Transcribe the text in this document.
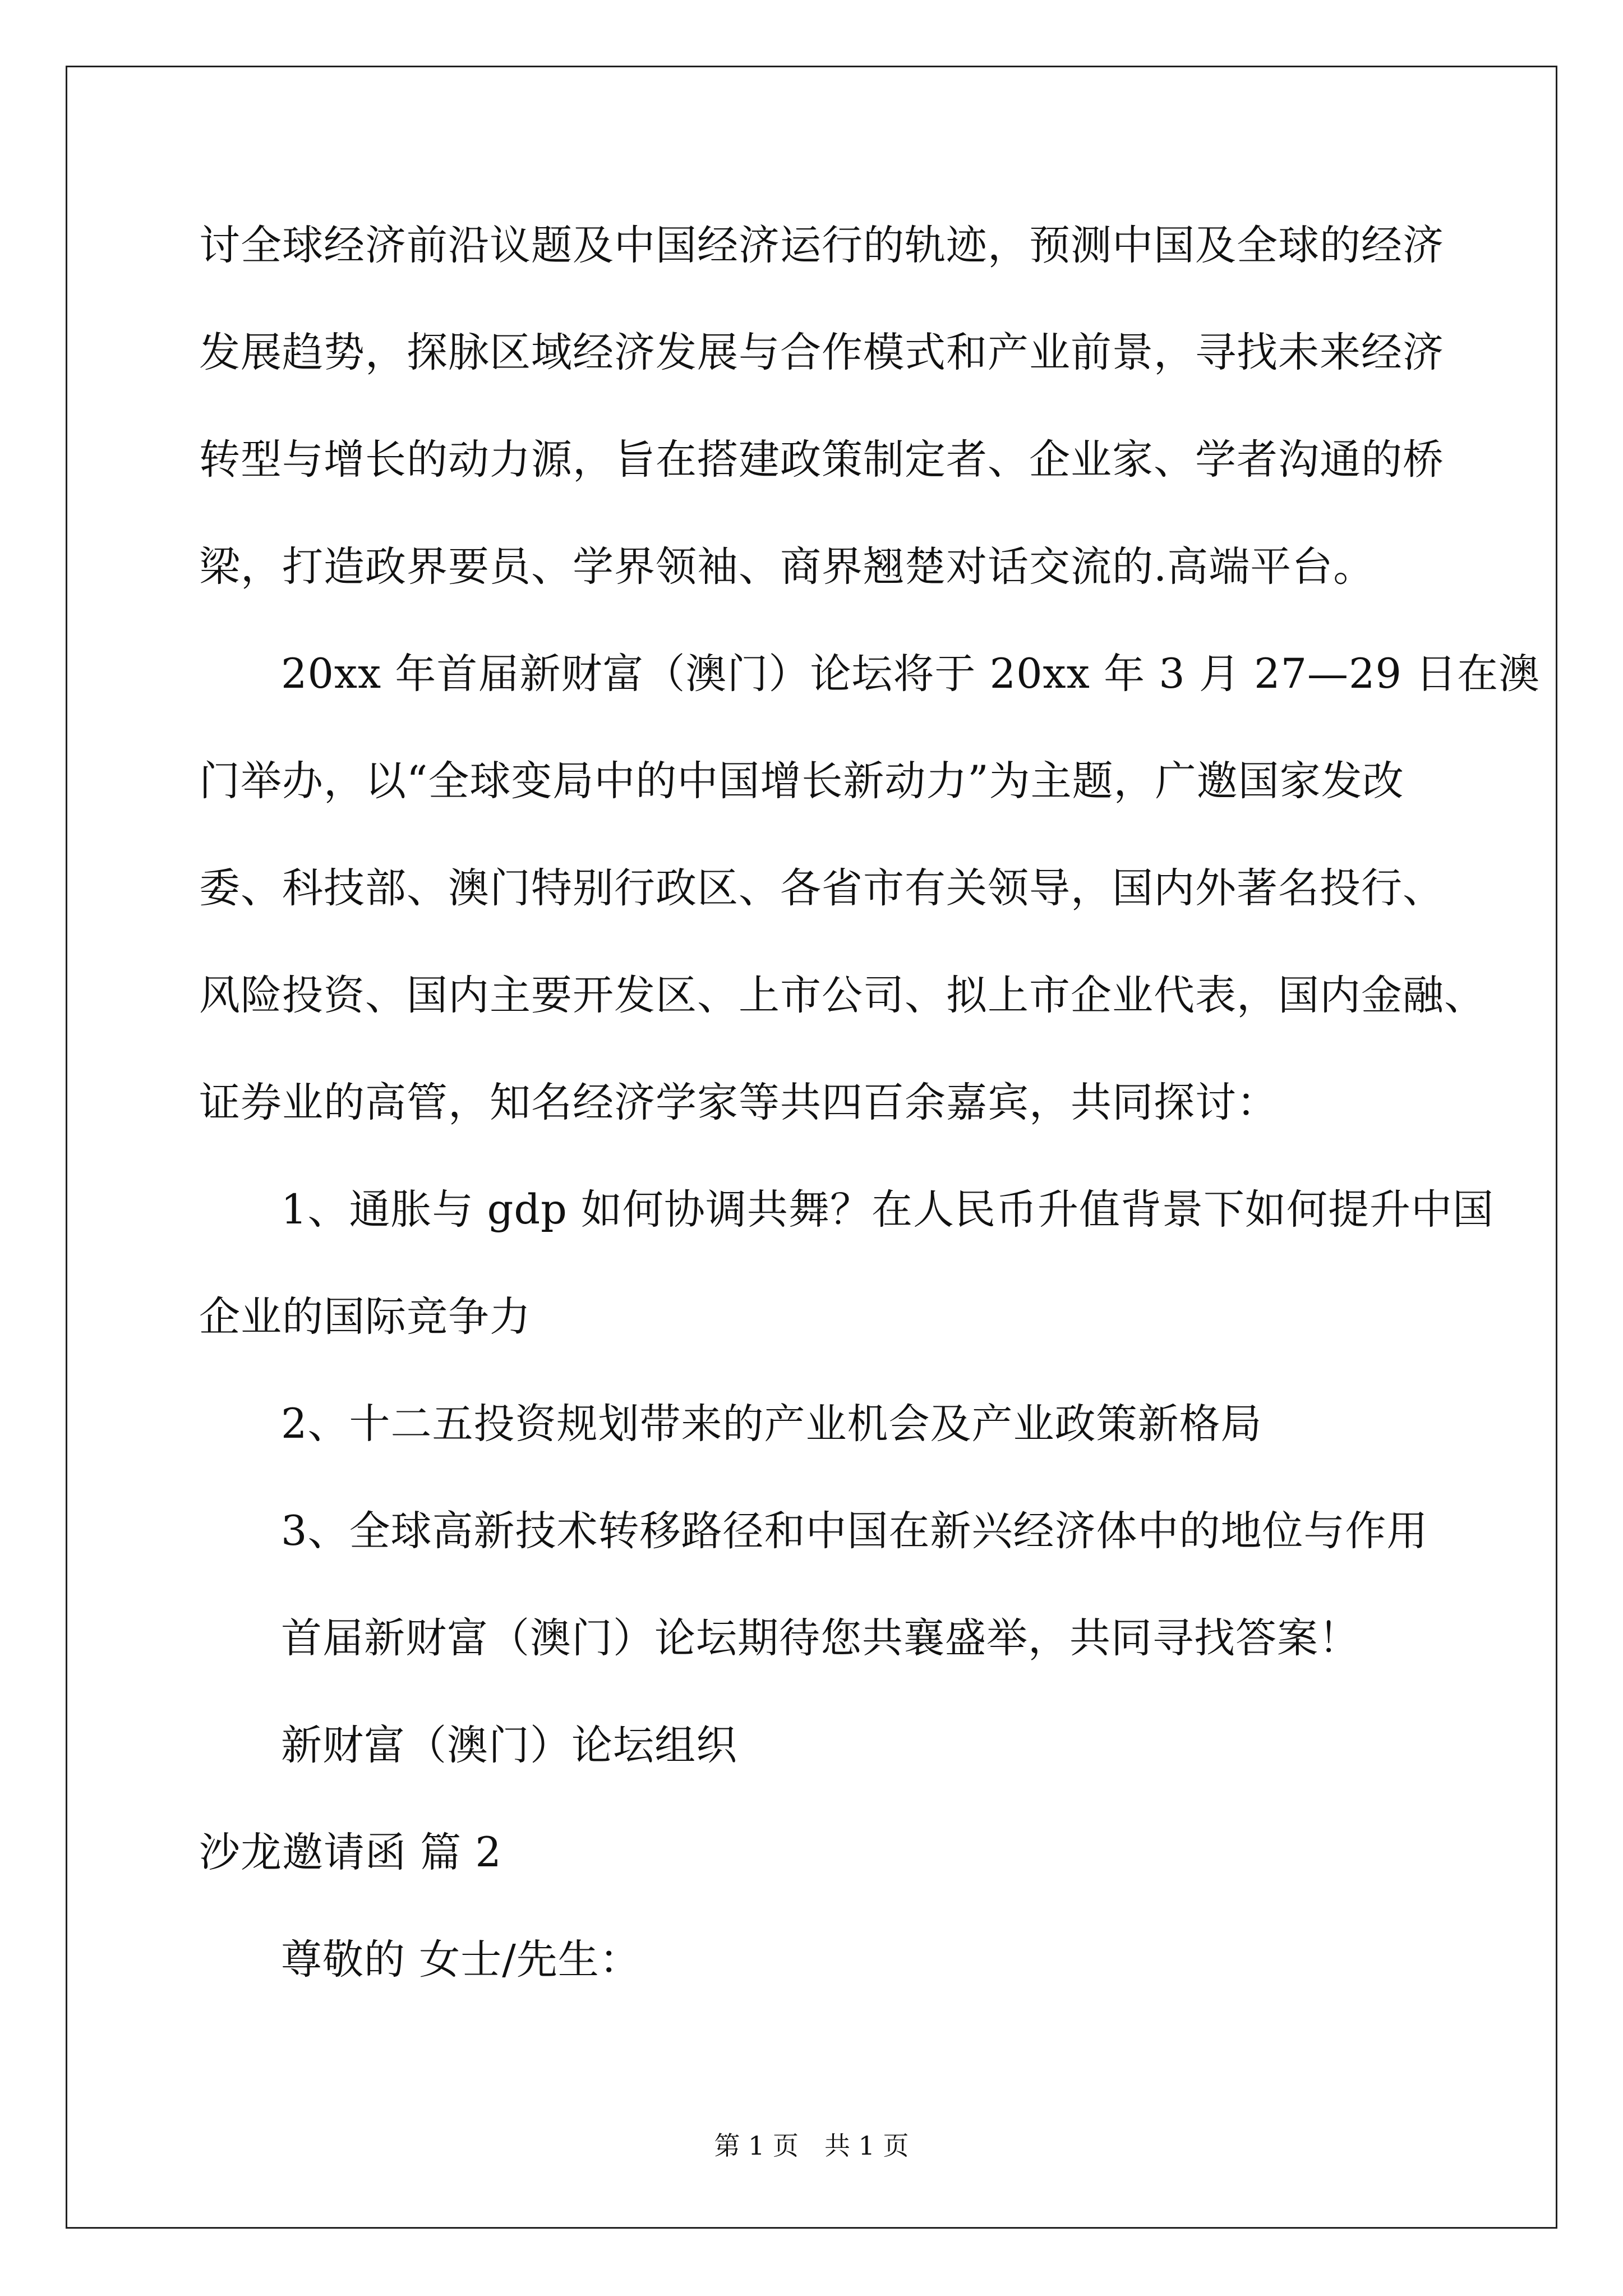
讨全球经济前沿议题及中国经济运行的轨迹，预测中国及全球的经济

发展趋势，探脉区域经济发展与合作模式和产业前景，寻找未来经济

转型与增长的动力源，旨在搭建政策制定者、企业家、学者沟通的桥

梁，打造政界要员、学界领袖、商界翘楚对话交流的.高端平台。

20xx 年首届新财富（澳门）论坛将于 20xx 年 3 月 27—29 日在澳

门举办，以“全球变局中的中国增长新动力”为主题，广邀国家发改

委、科技部、澳门特别行政区、各省市有关领导，国内外著名投行、

风险投资、国内主要开发区、上市公司、拟上市企业代表，国内金融、

证券业的高管，知名经济学家等共四百余嘉宾，共同探讨：

1、通胀与 gdp 如何协调共舞？在人民币升值背景下如何提升中国

企业的国际竞争力

2、十二五投资规划带来的产业机会及产业政策新格局

3、全球高新技术转移路径和中国在新兴经济体中的地位与作用

首届新财富（澳门）论坛期待您共襄盛举，共同寻找答案！

新财富（澳门）论坛组织

沙龙邀请函 篇 2

尊敬的 女士/先生：

第 1 页 共 1 页
